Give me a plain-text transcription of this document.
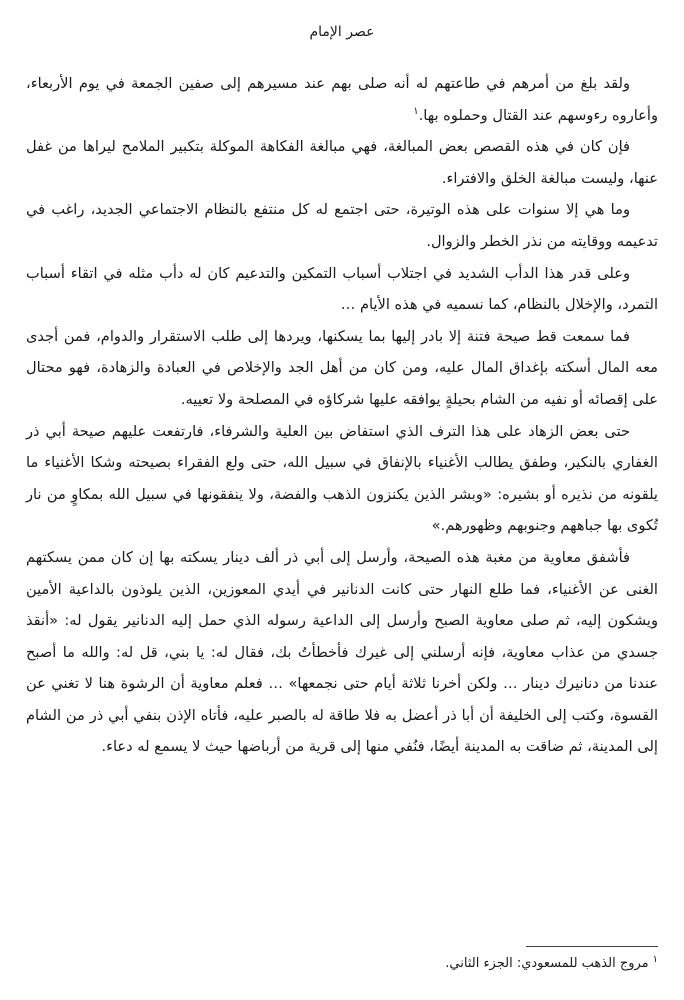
عصر الإمام

ولقد بلغ من أمرهم في طاعتهم له أنه صلى بهم عند مسيرهم إلى صفين الجمعة في يوم الأربعاء، وأعاروه رءوسهم عند القتال وحملوه بها.$^١$

فإن كان في هذه القصص بعض المبالغة، فهي مبالغة الفكاهة الموكلة بتكبير الملامح ليراها من غفل عنها، وليست مبالغة الخلق والافتراء.

وما هي إلا سنوات على هذه الوتيرة، حتى اجتمع له كل منتفع بالنظام الاجتماعي الجديد، راغب في تدعيمه ووقايته من نذر الخطر والزوال.

وعلى قدر هذا الدأب الشديد في اجتلاب أسباب التمكين والتدعيم كان له دأب مثله في اتقاء أسباب التمرد، والإخلال بالنظام، كما نسميه في هذه الأيام …

فما سمعت قط صيحة فتنة إلا بادر إليها بما يسكنها، ويردها إلى طلب الاستقرار والدوام، فمن أجدى معه المال أسكته بإغداق المال عليه، ومن كان من أهل الجد والإخلاص في العبادة والزهادة، فهو محتال على إقصائه أو نفيه من الشام بحيلةٍ يوافقه عليها شركاؤه في المصلحة ولا تعييه.

حتى بعض الزهاد على هذا الترف الذي استفاض بين العلية والشرفاء، فارتفعت عليهم صيحة أبي ذر الغفاري بالنكير، وطفق يطالب الأغنياء بالإنفاق في سبيل الله، حتى ولع الفقراء بصيحته وشكا الأغنياء ما يلقونه من نذيره أو بشيره: «وبشر الذين يكنزون الذهب والفضة، ولا ينفقونها في سبيل الله بمكاوٍ من نار تُكوى بها جباههم وجنوبهم وظهورهم.»

فأشفق معاوية من مغبة هذه الصيحة، وأرسل إلى أبي ذر ألف دينار يسكته بها إن كان ممن يسكتهم الغنى عن الأغنياء، فما طلع النهار حتى كانت الدنانير في أيدي المعوزين، الذين يلوذون بالداعية الأمين ويشكون إليه، ثم صلى معاوية الصبح وأرسل إلى الداعية رسوله الذي حمل إليه الدنانير يقول له: «أنقذ جسدي من عذاب معاوية، فإنه أرسلني إلى غيرك فأخطأتُ بك، فقال له: يا بني، قل له: والله ما أصبح عندنا من دنانيرك دينار … ولكن أخرنا ثلاثة أيام حتى نجمعها» … فعلم معاوية أن الرشوة هنا لا تغني عن القسوة، وكتب إلى الخليفة أن أبا ذر أعضل به فلا طاقة له بالصبر عليه، فأتاه الإذن بنفي أبي ذر من الشام إلى المدينة، ثم ضاقت به المدينة أيضًا، فنُفي منها إلى قرية من أرباضها حيث لا يسمع له دعاء.

$^١$مروج الذهب للمسعودي: الجزء الثاني.
